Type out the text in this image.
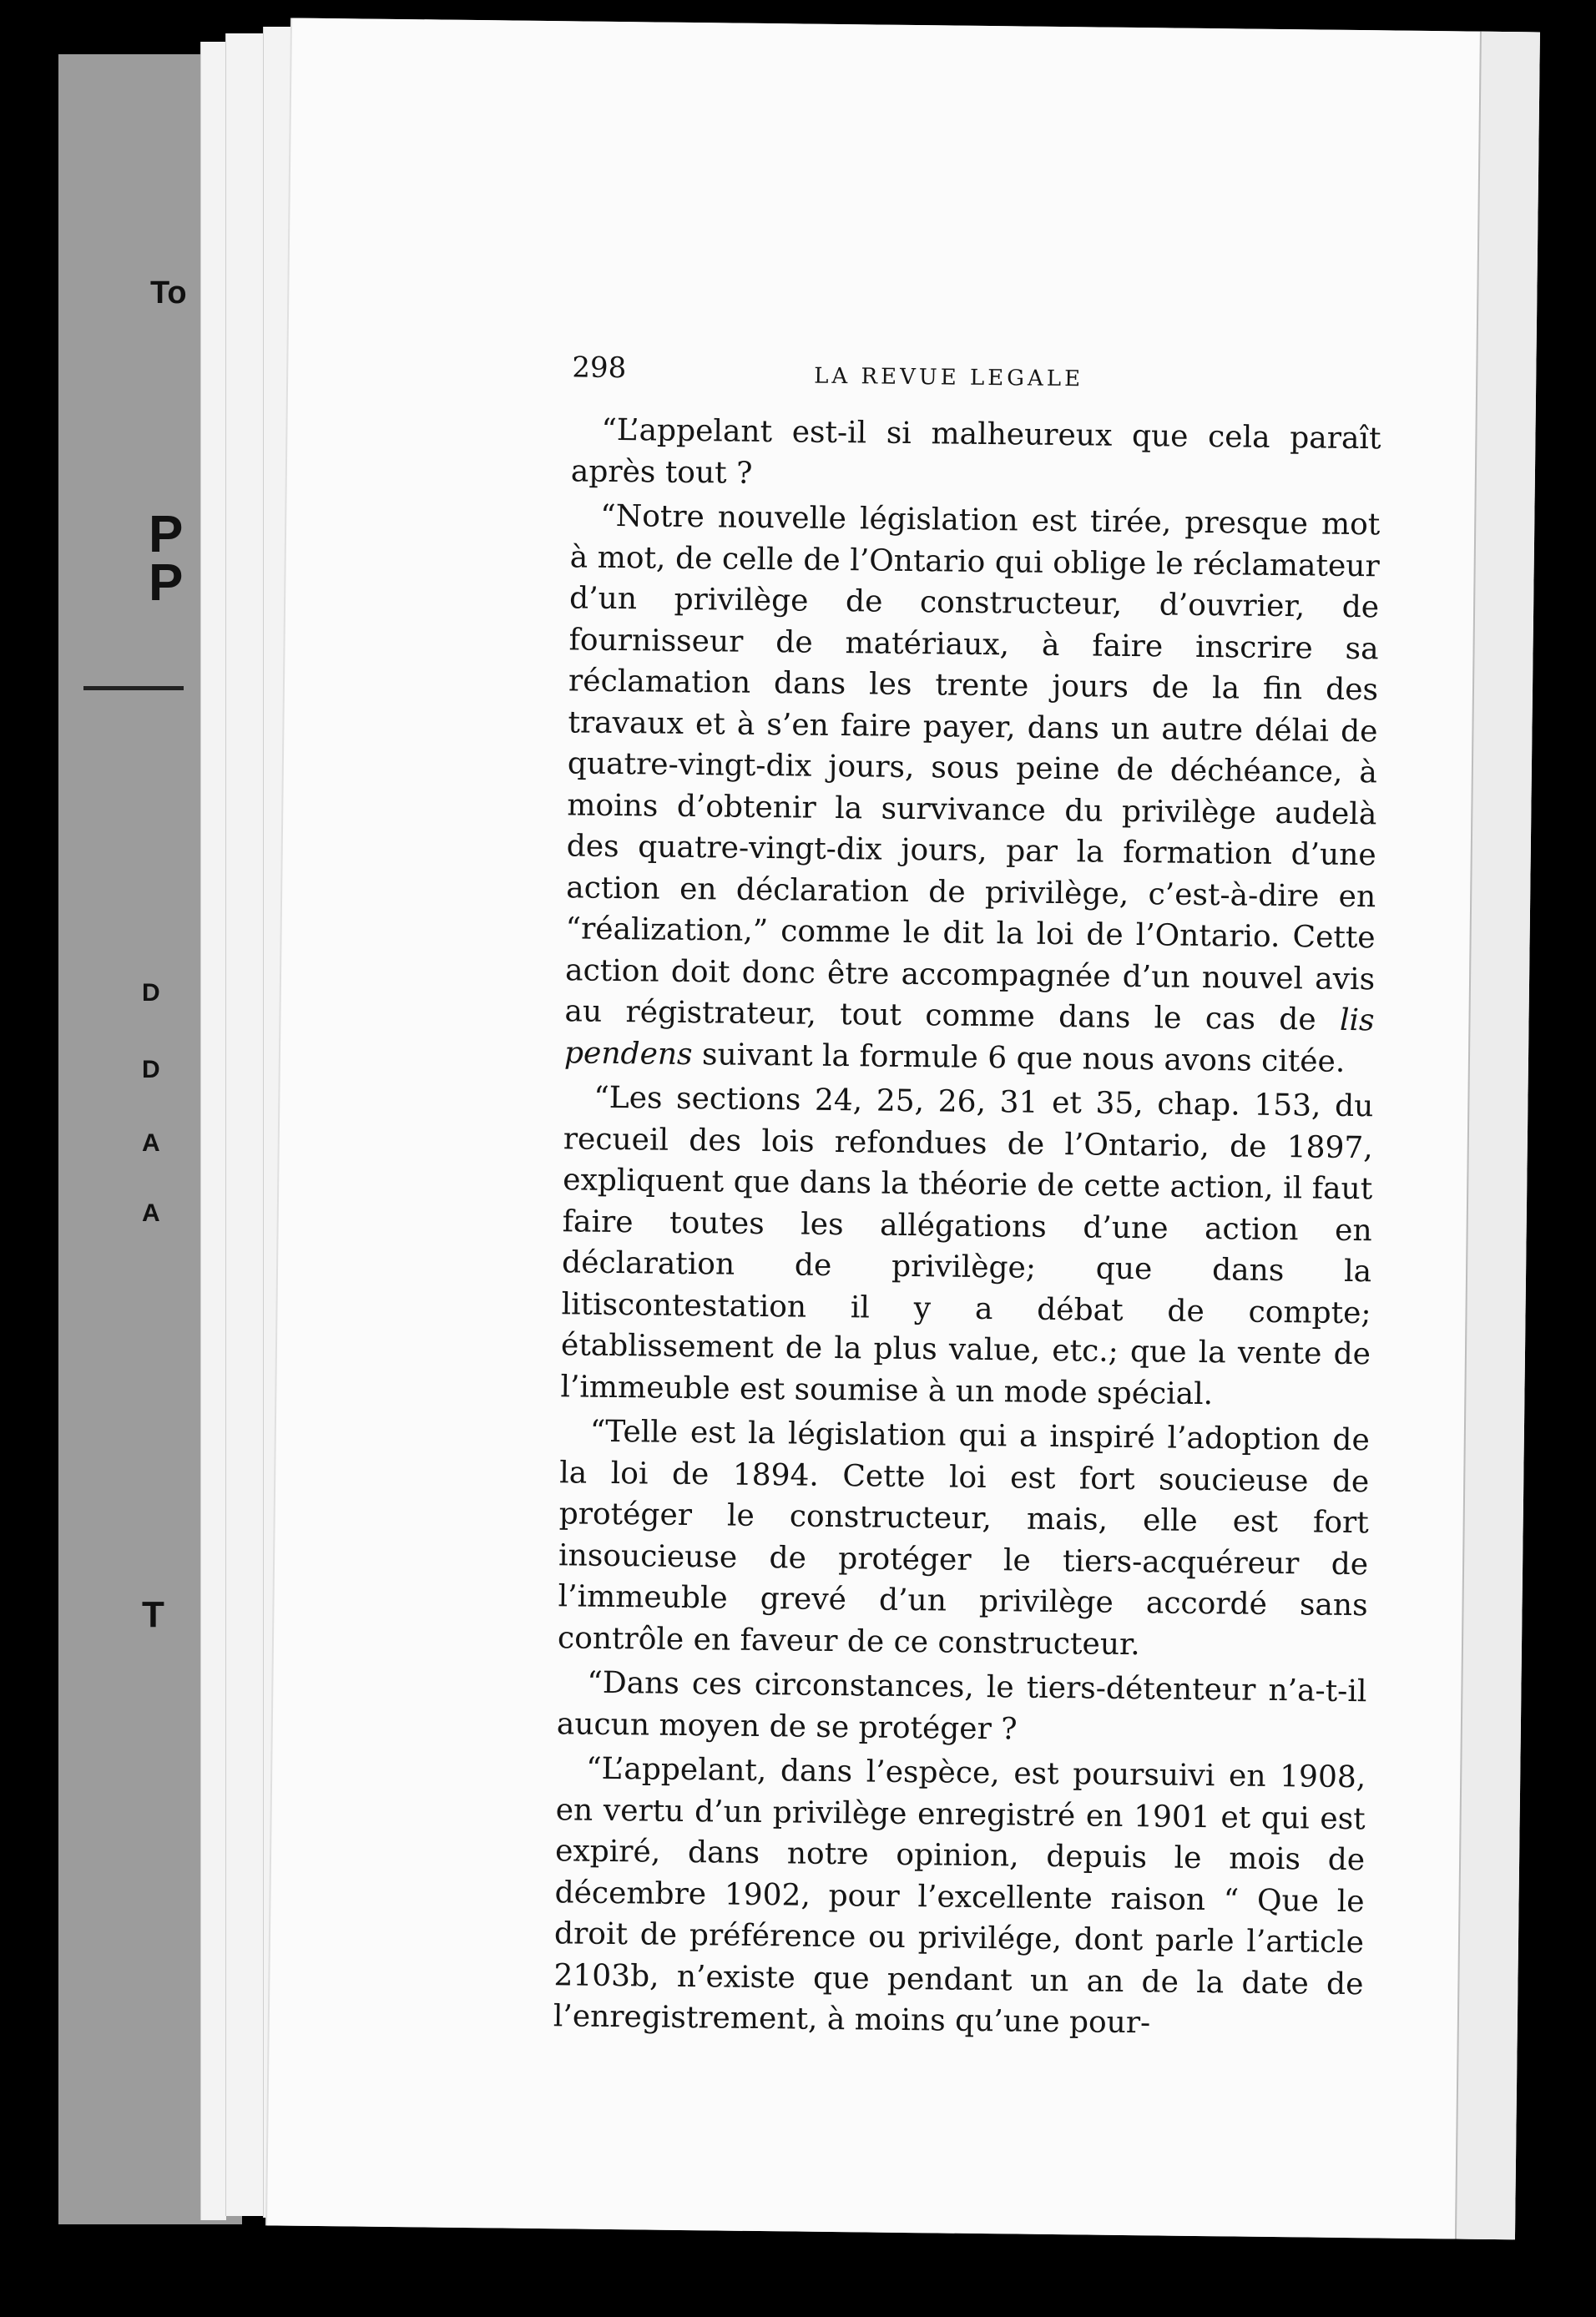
To
P
P
D
D
A
A
T
298	LA REVUE LEGALE

“L’appelant est-il si malheureux que cela paraît après tout ?

“Notre nouvelle législation est tirée, presque mot à mot, de celle de l’Ontario qui oblige le réclamateur d’un privilège de constructeur, d’ouvrier, de fournisseur de matériaux, à faire inscrire sa réclamation dans les trente jours de la fin des travaux et à s’en faire payer, dans un autre délai de quatre-vingt-dix jours, sous peine de déchéance, à moins d’obtenir la survivance du privilège audelà des quatre-vingt-dix jours, par la formation d’une action en déclaration de privilège, c’est-à-dire en “réalization,” comme le dit la loi de l’Ontario. Cette action doit donc être accompagnée d’un nouvel avis au régistrateur, tout comme dans le cas de lis pendens suivant la formule 6 que nous avons citée.

“Les sections 24, 25, 26, 31 et 35, chap. 153, du recueil des lois refondues de l’Ontario, de 1897, expliquent que dans la théorie de cette action, il faut faire toutes les allégations d’une action en déclaration de privilège; que dans la litiscontestation il y a débat de compte; établissement de la plus value, etc.; que la vente de l’immeuble est soumise à un mode spécial.

“Telle est la législation qui a inspiré l’adoption de la loi de 1894. Cette loi est fort soucieuse de protéger le constructeur, mais, elle est fort insoucieuse de protéger le tiers-acquéreur de l’immeuble grevé d’un privilège accordé sans contrôle en faveur de ce constructeur.

“Dans ces circonstances, le tiers-détenteur n’a-t-il aucun moyen de se protéger ?

“L’appelant, dans l’espèce, est poursuivi en 1908, en vertu d’un privilège enregistré en 1901 et qui est expiré, dans notre opinion, depuis le mois de décembre 1902, pour l’excellente raison “ Que le droit de préférence ou privilége, dont parle l’article 2103b, n’existe que pendant un an de la date de l’enregistrement, à moins qu’une pour-
